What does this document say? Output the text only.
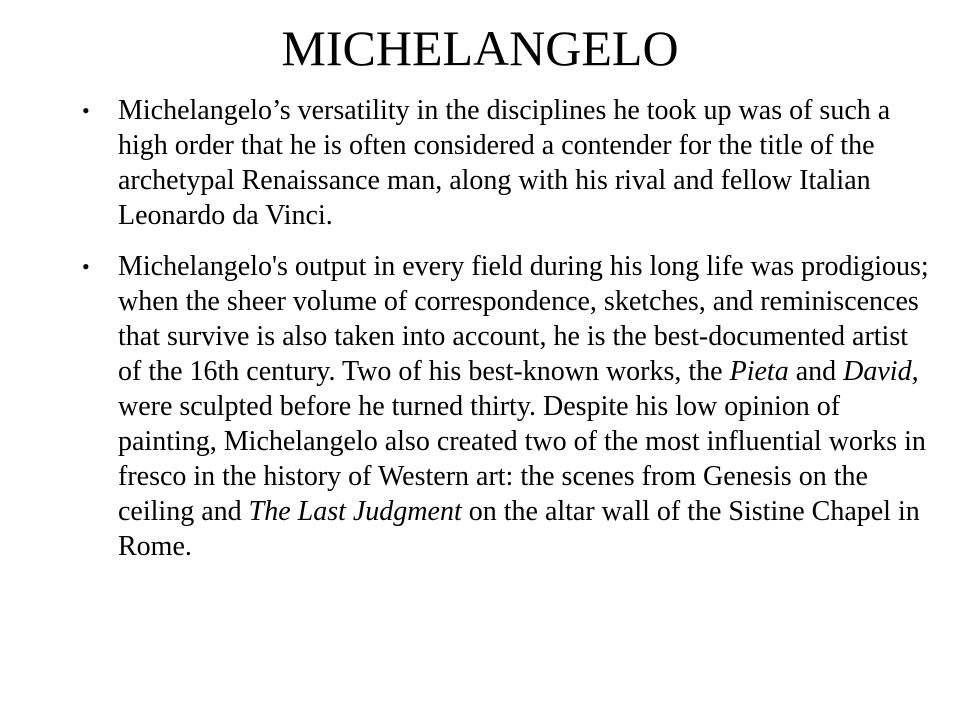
MICHELANGELO
• Michelangelo’s versatility in the disciplines he took up was of such a high order that he is often considered a contender for the title of the archetypal Renaissance man, along with his rival and fellow Italian Leonardo da Vinci.
• Michelangelo's output in every field during his long life was prodigious; when the sheer volume of correspondence, sketches, and reminiscences that survive is also taken into account, he is the best-documented artist of the 16th century. Two of his best-known works, the Pieta and David, were sculpted before he turned thirty. Despite his low opinion of painting, Michelangelo also created two of the most influential works in fresco in the history of Western art: the scenes from Genesis on the ceiling and The Last Judgment on the altar wall of the Sistine Chapel in Rome.
